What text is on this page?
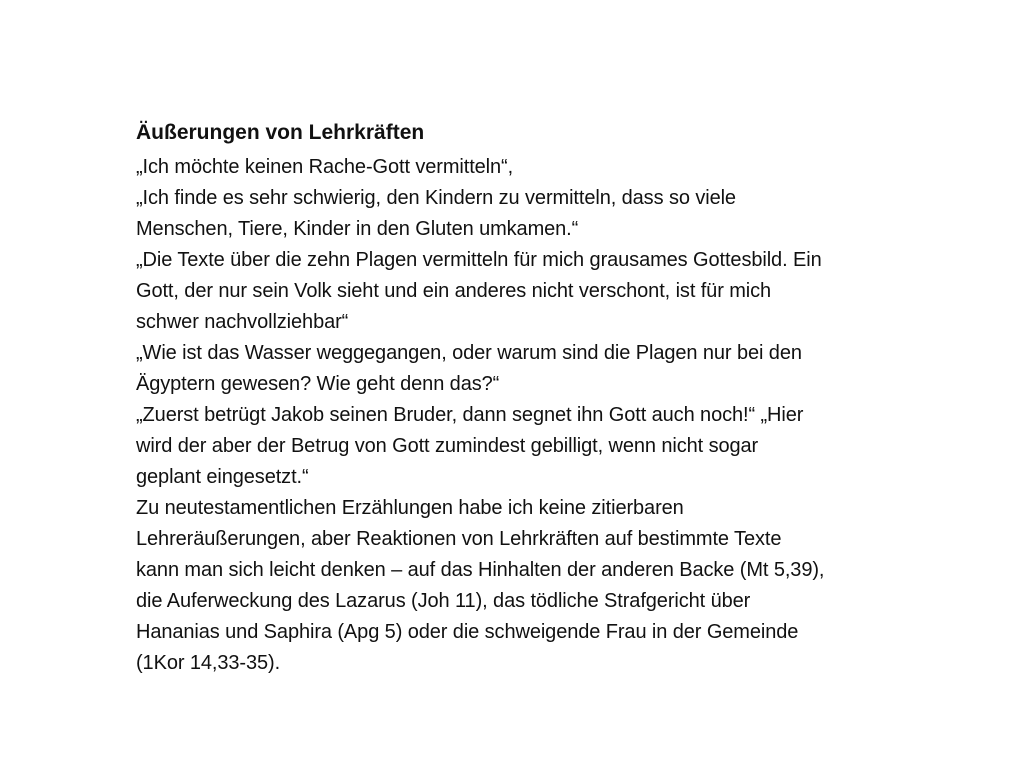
Äußerungen von Lehrkräften
„Ich möchte keinen Rache-Gott vermitteln“,
„Ich finde es sehr schwierig, den Kindern zu vermitteln, dass so viele
Menschen, Tiere, Kinder in den Gluten umkamen.“
„Die Texte über die zehn Plagen vermitteln für mich grausames Gottesbild. Ein
Gott, der nur sein Volk sieht und ein anderes nicht verschont, ist für mich
schwer nachvollziehbar“
„Wie ist das Wasser weggegangen, oder warum sind die Plagen nur bei den
Ägyptern gewesen? Wie geht denn das?“
„Zuerst betrügt Jakob seinen Bruder, dann segnet ihn Gott auch noch!“ „Hier
wird der aber der Betrug von Gott zumindest gebilligt, wenn nicht sogar
geplant eingesetzt.“
Zu neutestamentlichen Erzählungen habe ich keine zitierbaren
Lehreräußerungen, aber Reaktionen von Lehrkräften auf bestimmte Texte
kann man sich leicht denken – auf das Hinhalten der anderen Backe (Mt 5,39),
die Auferweckung des Lazarus (Joh 11), das tödliche Strafgericht über
Hananias und Saphira (Apg 5) oder die schweigende Frau in der Gemeinde
(1Kor 14,33-35).
